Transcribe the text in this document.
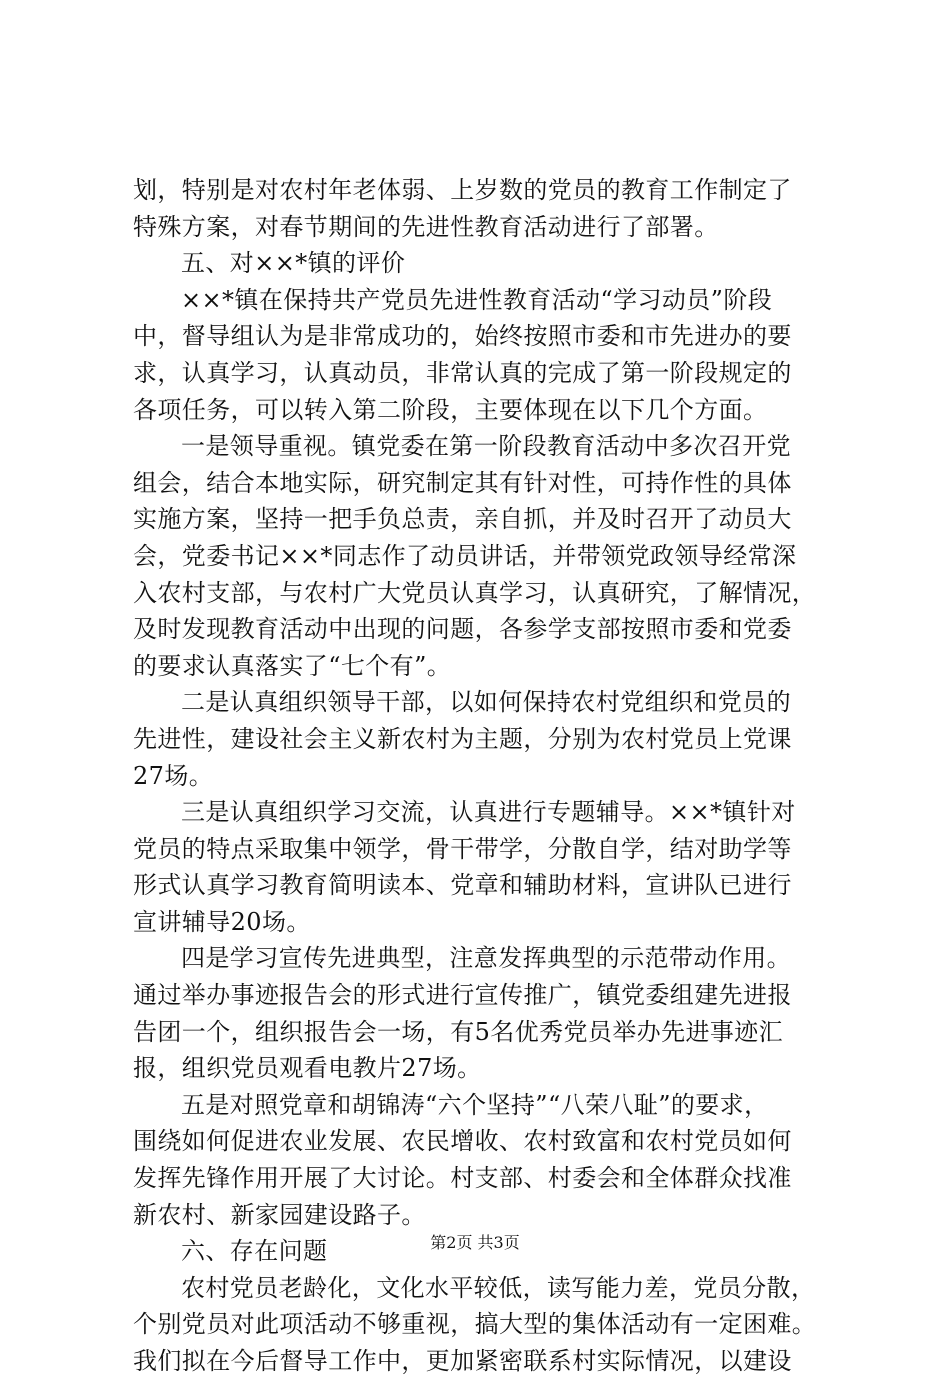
划，特别是对农村年老体弱、上岁数的党员的教育工作制定了
特殊方案，对春节期间的先进性教育活动进行了部署。
五、对××*镇的评价
××*镇在保持共产党员先进性教育活动“学习动员”阶段
中，督导组认为是非常成功的，始终按照市委和市先进办的要
求，认真学习，认真动员，非常认真的完成了第一阶段规定的
各项任务，可以转入第二阶段，主要体现在以下几个方面。
一是领导重视。镇党委在第一阶段教育活动中多次召开党
组会，结合本地实际，研究制定其有针对性，可持作性的具体
实施方案，坚持一把手负总责，亲自抓，并及时召开了动员大
会，党委书记××*同志作了动员讲话，并带领党政领导经常深
入农村支部，与农村广大党员认真学习，认真研究，了解情况，
及时发现教育活动中出现的问题，各参学支部按照市委和党委
的要求认真落实了“七个有”。
二是认真组织领导干部，以如何保持农村党组织和党员的
先进性，建设社会主义新农村为主题，分别为农村党员上党课
27场。
三是认真组织学习交流，认真进行专题辅导。××*镇针对
党员的特点采取集中领学，骨干带学，分散自学，结对助学等
形式认真学习教育简明读本、党章和辅助材料，宣讲队已进行
宣讲辅导20场。
四是学习宣传先进典型，注意发挥典型的示范带动作用。
通过举办事迹报告会的形式进行宣传推广，镇党委组建先进报
告团一个，组织报告会一场，有5名优秀党员举办先进事迹汇
报，组织党员观看电教片27场。
五是对照党章和胡锦涛“六个坚持”“八荣八耻”的要求，
围绕如何促进农业发展、农民增收、农村致富和农村党员如何
发挥先锋作用开展了大讨论。村支部、村委会和全体群众找准
新农村、新家园建设路子。
六、存在问题
农村党员老龄化，文化水平较低，读写能力差，党员分散，
个别党员对此项活动不够重视，搞大型的集体活动有一定困难。
我们拟在今后督导工作中，更加紧密联系村实际情况，以建设
第2页 共3页
